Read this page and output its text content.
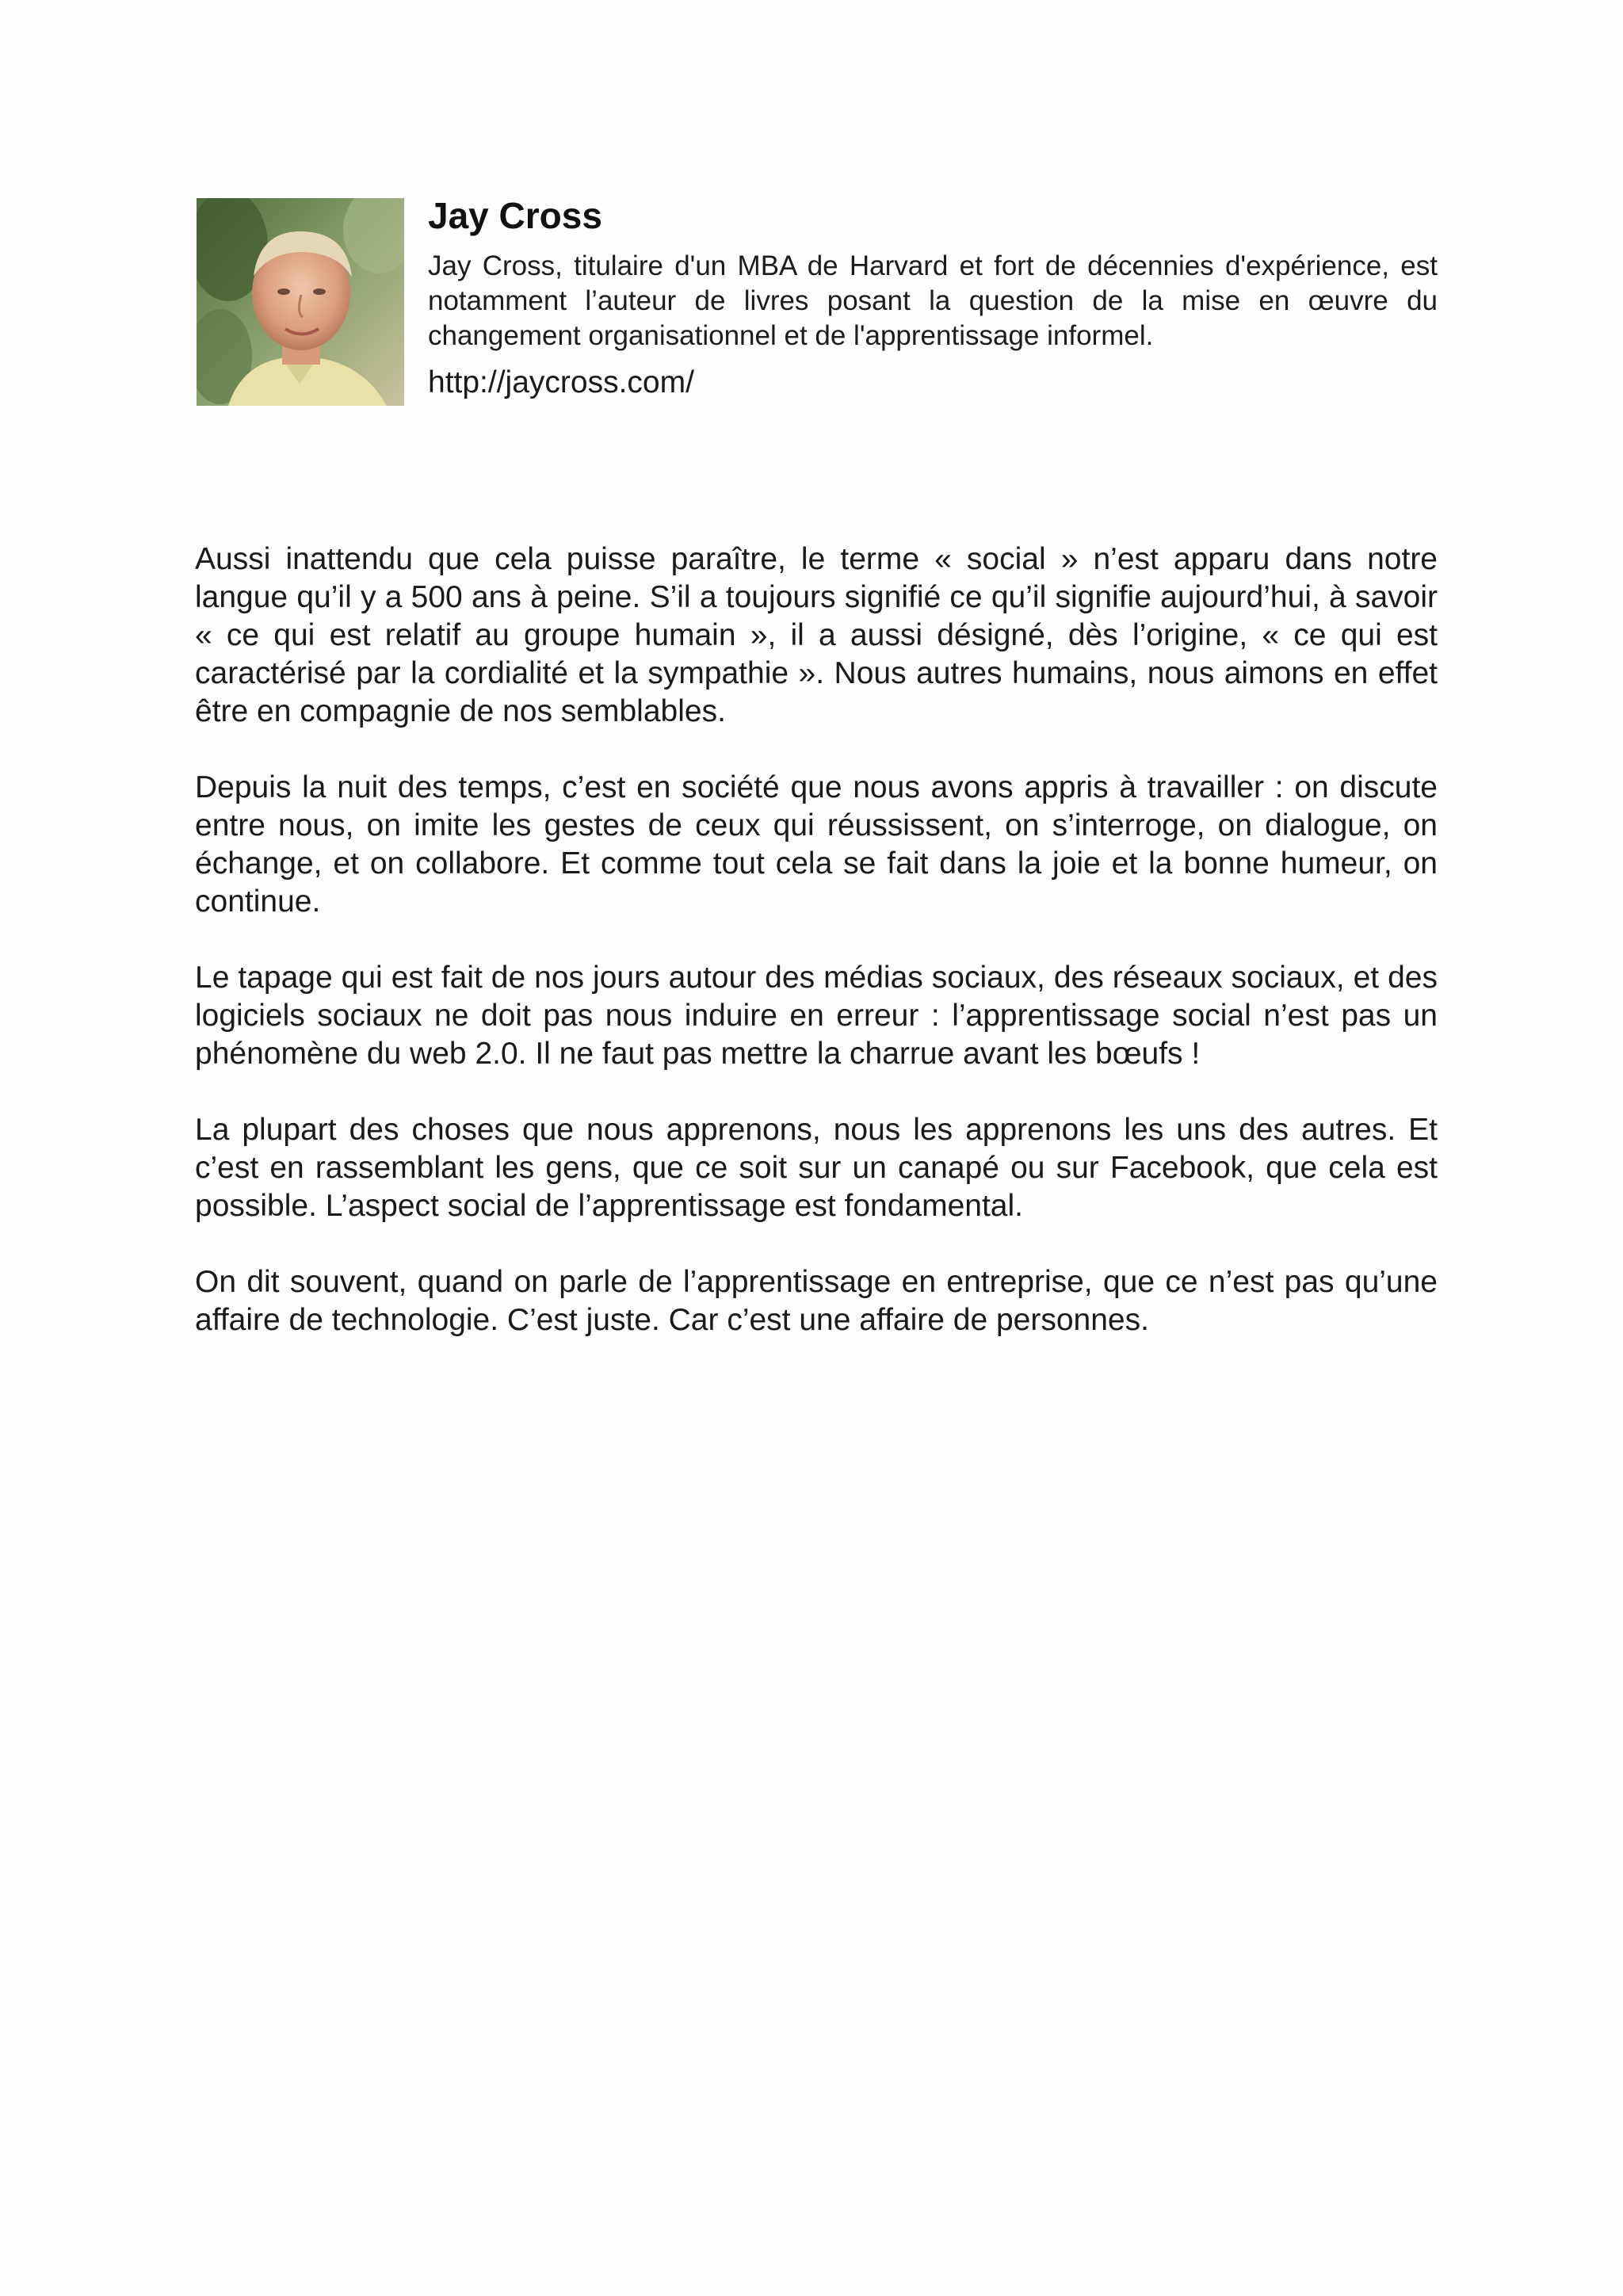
Jay Cross

Jay Cross, titulaire d'un MBA de Harvard et fort de décennies d'expérience, est notamment l’auteur de livres posant la question de la mise en œuvre du changement organisationnel et de l'apprentissage informel.

http://jaycross.com/

Aussi inattendu que cela puisse paraître, le terme « social » n’est apparu dans notre langue qu’il y a 500 ans à peine. S’il a toujours signifié ce qu’il signifie aujourd’hui, à savoir « ce qui est relatif au groupe humain », il a aussi désigné, dès l’origine, « ce qui est caractérisé par la cordialité et la sympathie ». Nous autres humains, nous aimons en effet être en compagnie de nos semblables.

Depuis la nuit des temps, c’est en société que nous avons appris à travailler : on discute entre nous, on imite les gestes de ceux qui réussissent, on s’interroge, on dialogue, on échange, et on collabore. Et comme tout cela se fait dans la joie et la bonne humeur, on continue.

Le tapage qui est fait de nos jours autour des médias sociaux, des réseaux sociaux, et des logiciels sociaux ne doit pas nous induire en erreur : l’apprentissage social n’est pas un phénomène du web 2.0. Il ne faut pas mettre la charrue avant les bœufs !

La plupart des choses que nous apprenons, nous les apprenons les uns des autres. Et c’est en rassemblant les gens, que ce soit sur un canapé ou sur Facebook, que cela est possible. L’aspect social de l’apprentissage est fondamental.

On dit souvent, quand on parle de l’apprentissage en entreprise, que ce n’est pas qu’une affaire de technologie. C’est juste. Car c’est une affaire de personnes.
